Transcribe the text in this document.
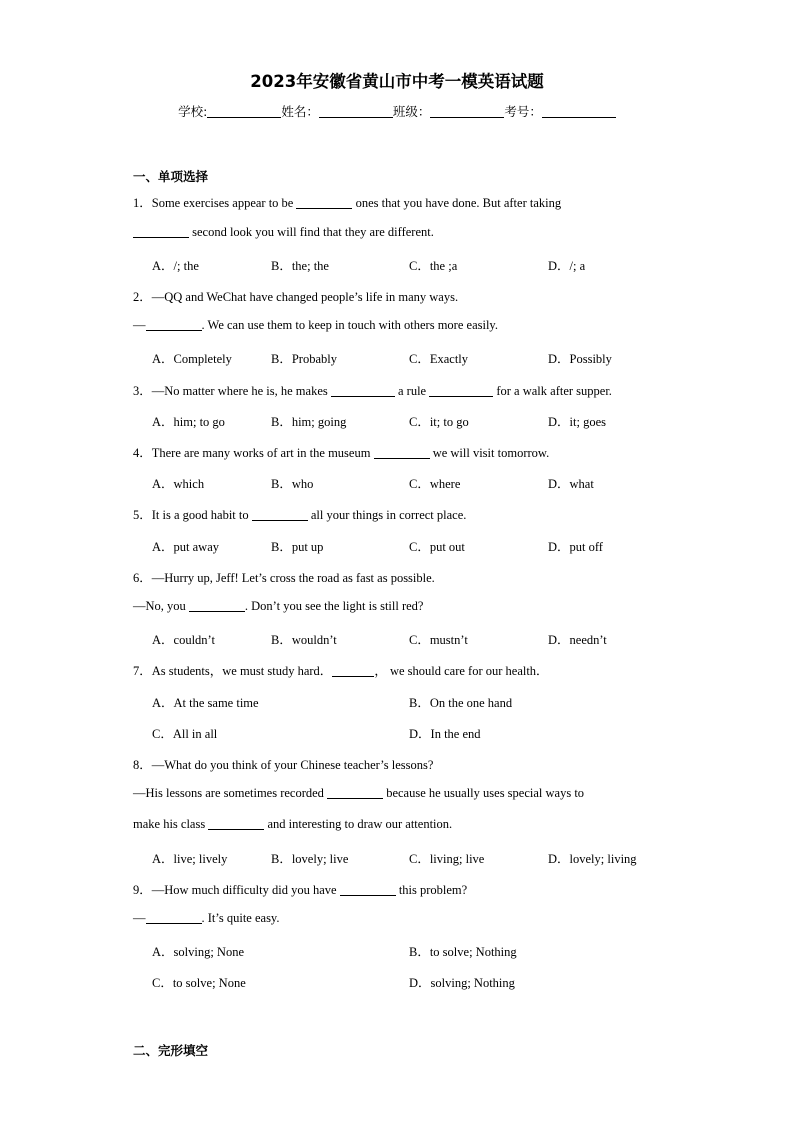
2023年安徽省黄山市中考一模英语试题
学校:	姓名：	班级：	考号：
一、单项选择
1．Some exercises appear to be	ones that you have done. But after taking
second look you will find that they are different.
A．/; the	B．the; the	C．the ;a	D．/; a
2．—QQ and WeChat have changed people’s life in many ways.
—	. We can use them to keep in touch with others more easily.
A．Completely	B．Probably	C．Exactly	D．Possibly
3．—No matter where he is, he makes	a rule	for a walk after supper.
A．him; to go	B．him; going	C．it; to go	D．it; goes
4．There are many works of art in the museum	we will visit tomorrow.
A．which	B．who	C．where	D．what
5．It is a good habit to	all your things in correct place.
A．put away	B．put up	C．put out	D．put off
6．—Hurry up, Jeff! Let’s cross the road as fast as possible.
—No, you	. Don’t you see the light is still red?
A．couldn’t	B．wouldn’t	C．mustn’t	D．needn’t
7．As students，we must study hard．	， we should care for our health．
A．At the same time	B．On the one hand
C．All in all	D．In the end
8．—What do you think of your Chinese teacher’s lessons?
—His lessons are sometimes recorded	because he usually uses special ways to
make his class	and interesting to draw our attention.
A．live; lively	B．lovely; live	C．living; live	D．lovely; living
9．—How much difficulty did you have	this problem?
—	. It’s quite easy.
A．solving; None	B．to solve; Nothing
C．to solve; None	D．solving; Nothing
二、完形填空
